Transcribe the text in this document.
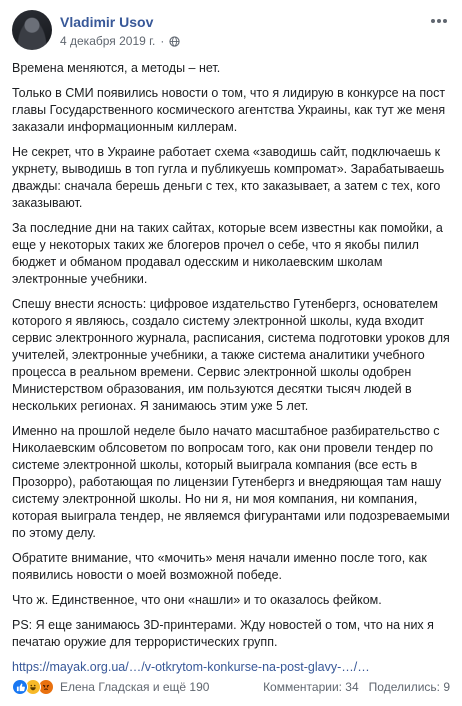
Vladimir Usov
4 декабря 2019 г. ·

Времена меняются, а методы – нет.

Только в СМИ появились новости о том, что я лидирую в конкурсе на пост главы Государственного космического агентства Украины, как тут же меня заказали информационным киллерам.

Не секрет, что в Украине работает схема «заводишь сайт, подключаешь к укрнету, выводишь в топ гугла и публикуешь компромат». Зарабатываешь дважды: сначала берешь деньги с тех, кто заказывает, а затем с тех, кого заказывают.

За последние дни на таких сайтах, которые всем известны как помойки, а еще у некоторых таких же блогеров прочел о себе, что я якобы пилил бюджет и обманом продавал одесским и николаевским школам электронные учебники.

Спешу внести ясность: цифровое издательство Гутенбергз, основателем которого я являюсь, создало систему электронной школы, куда входит сервис электронного журнала, расписания, система подготовки уроков для учителей, электронные учебники, а также система аналитики учебного процесса в реальном времени. Сервис электронной школы одобрен Министерством образования, им пользуются десятки тысяч людей в нескольких регионах. Я занимаюсь этим уже 5 лет.

Именно на прошлой неделе было начато масштабное разбирательство с Николаевским облсоветом по вопросам того, как они провели тендер по системе электронной школы, который выиграла компания (все есть в Прозорро), работающая по лицензии Гутенбергз и внедряющая там нашу систему электронной школы. Но ни я, ни моя компания, ни компания, которая выиграла тендер, не являемся фигурантами или подозреваемыми по этому делу.

Обратите внимание, что «мочить» меня начали именно после того, как появились новости о моей возможной победе.

Что ж. Единственное, что они «нашли» и то оказалось фейком.

PS: Я еще занимаюсь 3D-принтерами. Жду новостей о том, что на них я печатаю оружие для террористических групп.

https://mayak.org.ua/…/v-otkrytom-konkurse-na-post-glavy-…/…
Елена Гладская и ещё 190	Комментарии: 34 Поделились: 9
